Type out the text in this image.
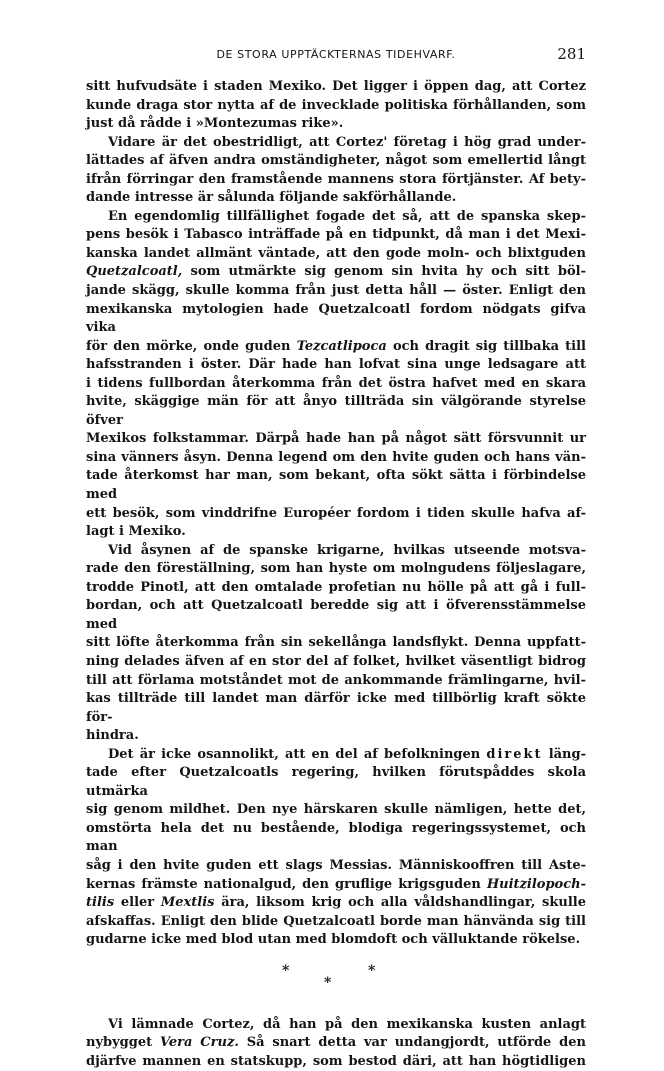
DE STORA UPPTÄCKTERNAS TIDEHVARF.	281

sitt hufvudsäte i staden Mexiko. Det ligger i öppen dag, att Cortez
kunde draga stor nytta af de invecklade politiska förhållanden, som
just då rådde i »Montezumas rike».

Vidare är det obestridligt, att Cortez' företag i hög grad under-
lättades af äfven andra omständigheter, något som emellertid långt
ifrån förringar den framstående mannens stora förtjänster. Af bety-
dande intresse är sålunda följande sakförhållande.

En egendomlig tillfällighet fogade det så, att de spanska skep-
pens besök i Tabasco inträffade på en tidpunkt, då man i det Mexi-
kanska landet allmänt väntade, att den gode moln- och blixtguden
Quetzalcoatl, som utmärkte sig genom sin hvita hy och sitt böl-
jande skägg, skulle komma från just detta håll — öster. Enligt den
mexikanska mytologien hade Quetzalcoatl fordom nödgats gifva vika
för den mörke, onde guden Tezcatlipoca och dragit sig tillbaka till
hafsstranden i öster. Där hade han lofvat sina unge ledsagare att
i tidens fullbordan återkomma från det östra hafvet med en skara
hvite, skäggige män för att ånyo tillträda sin välgörande styrelse öfver
Mexikos folkstammar. Därpå hade han på något sätt försvunnit ur
sina vänners åsyn. Denna legend om den hvite guden och hans vän-
tade återkomst har man, som bekant, ofta sökt sätta i förbindelse med
ett besök, som vinddrifne Européer fordom i tiden skulle hafva af-
lagt i Mexiko.

Vid åsynen af de spanske krigarne, hvilkas utseende motsva-
rade den föreställning, som han hyste om molngudens följeslagare,
trodde Pinotl, att den omtalade profetian nu hölle på att gå i full-
bordan, och att Quetzalcoatl beredde sig att i öfverensstämmelse med
sitt löfte återkomma från sin sekellånga landsflykt. Denna uppfatt-
ning delades äfven af en stor del af folket, hvilket väsentligt bidrog
till att förlama motståndet mot de ankommande främlingarne, hvil-
kas tillträde till landet man därför icke med tillbörlig kraft sökte för-
hindra.

Det är icke osannolikt, att en del af befolkningen direkt läng-
tade efter Quetzalcoatls regering, hvilken förutspåddes skola utmärka
sig genom mildhet. Den nye härskaren skulle nämligen, hette det,
omstörta hela det nu bestående, blodiga regeringssystemet, och man
såg i den hvite guden ett slags Messias. Människooffren till Aste-
kernas främste nationalgud, den gruflige krigsguden Huitzilopoch-
tilis eller Mextlis ära, liksom krig och alla våldshandlingar, skulle
afskaffas. Enligt den blide Quetzalcoatl borde man hänvända sig till
gudarne icke med blod utan med blomdoft och välluktande rökelse.

*
*
*

Vi lämnade Cortez, då han på den mexikanska kusten anlagt
nybygget Vera Cruz. Så snart detta var undangjordt, utförde den
djärfve mannen en statskupp, som bestod däri, att han högtidligen
